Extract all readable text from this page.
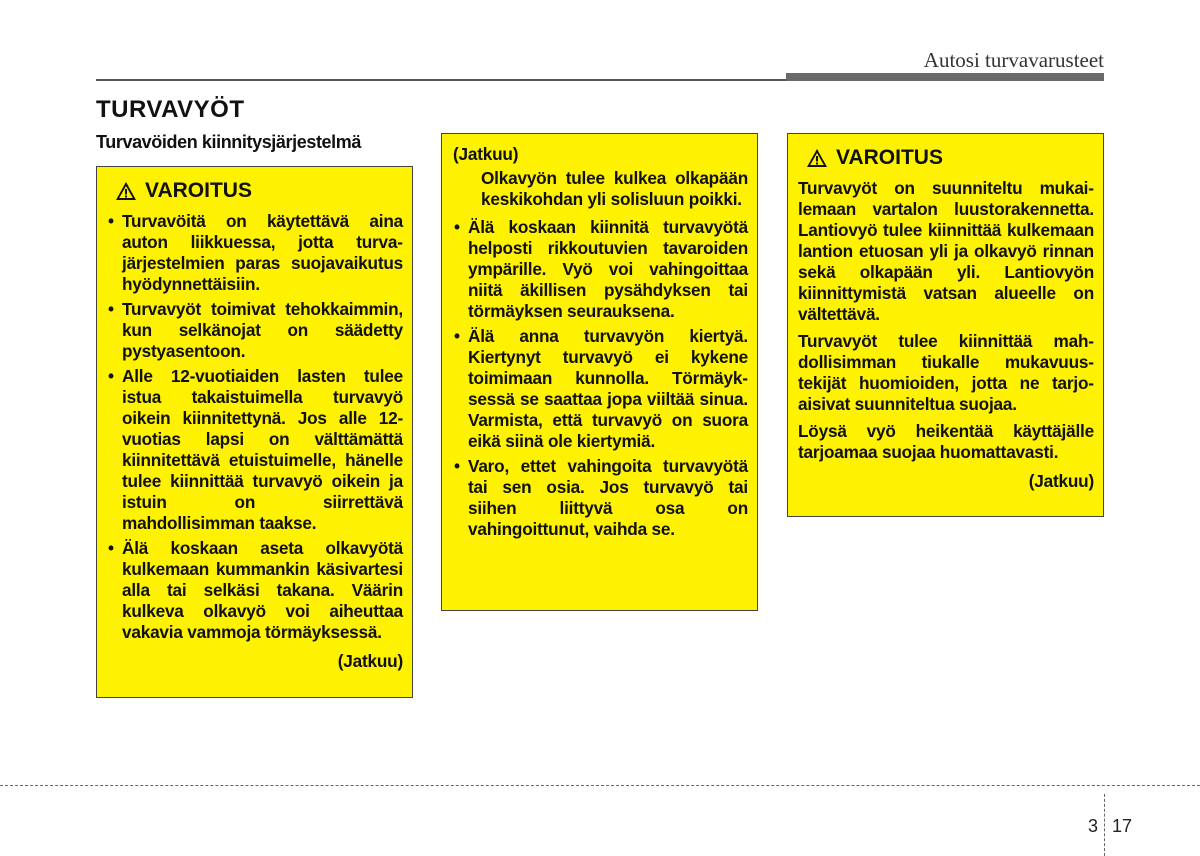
Autosi turvavarusteet
TURVAVYÖT
Turvavöiden kiinnitysjärjestelmä
VAROITUS
• Turvavöitä on käytettävä aina auton liikkuessa, jotta turvajärjestelmien paras suojavaikutus hyödynnettäisiin.
• Turvavyöt toimivat tehokkaimmin, kun selkänojat on säädetty pystyasentoon.
• Alle 12-vuotiaiden lasten tulee istua takaistuimella turvavyö oikein kiinnitettynä. Jos alle 12-vuotias lapsi on välttämättä kiinnitettävä etuistuimelle, hänelle tulee kiinnittää turvavyö oikein ja istuin on siirrettävä mahdollisimman taakse.
• Älä koskaan aseta olkavyötä kulkemaan kummankin käsivartesi alla tai selkäsi takana. Väärin kulkeva olkavyö voi aiheuttaa vakavia vammoja törmäyksessä.
(Jatkuu)
(Jatkuu)
Olkavyön tulee kulkea olkapään keskikohdan yli solisluun poikki.
• Älä koskaan kiinnitä turvavyötä helposti rikkoutuvien tavaroiden ympärille. Vyö voi vahingoittaa niitä äkillisen pysähdyksen tai törmäyksen seurauksena.
• Älä anna turvavyön kiertyä. Kiertynyt turvavyö ei kykene toimimaan kunnolla. Törmäyksessä se saattaa jopa viiltää sinua. Varmista, että turvavyö on suora eikä siinä ole kiertymiä.
• Varo, ettet vahingoita turvavyötä tai sen osia. Jos turvavyö tai siihen liittyvä osa on vahingoittunut, vaihda se.
VAROITUS

Turvavyöt on suunniteltu mukailemaan vartalon luustorakennetta. Lantiovyö tulee kiinnittää kulkemaan lantion etuosan yli ja olkavyö rinnan sekä olkapään yli. Lantiovyön kiinnittymistä vatsan alueelle on vältettävä.

Turvavyöt tulee kiinnittää mahdollisimman tiukalle mukavuustekijät huomioiden, jotta ne tarjoaisivat suunniteltua suojaa.

Löysä vyö heikentää käyttäjälle tarjoamaa suojaa huomattavasti.

(Jatkuu)
3 17
